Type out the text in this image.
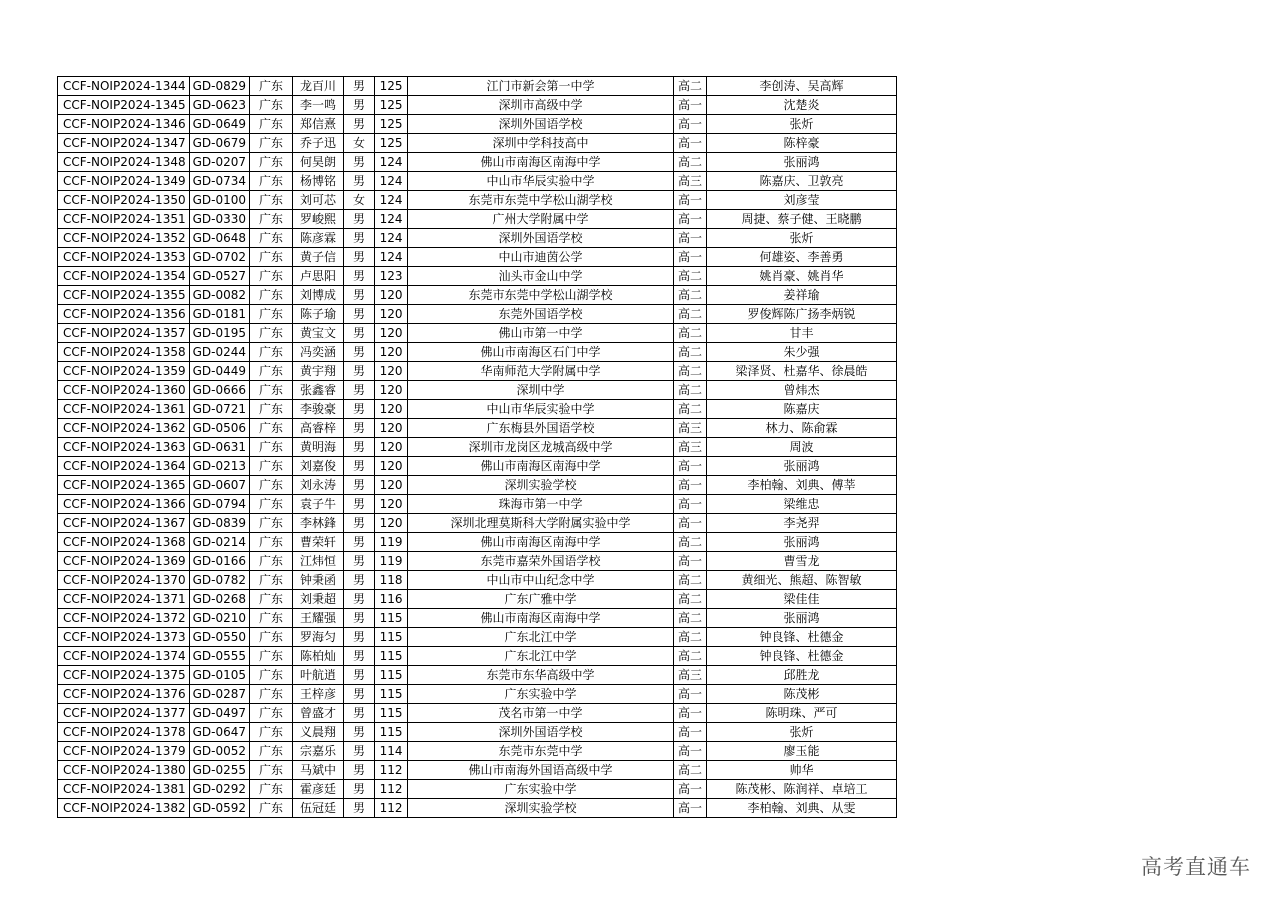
CCF-NOIP2024-1344	GD-0829	广东	龙百川	男	125	江门市新会第一中学	高二	李创涛、吴高辉
CCF-NOIP2024-1345	GD-0623	广东	李一鸣	男	125	深圳市高级中学	高一	沈楚炎
CCF-NOIP2024-1346	GD-0649	广东	郑信熹	男	125	深圳外国语学校	高一	张炘
CCF-NOIP2024-1347	GD-0679	广东	乔子迅	女	125	深圳中学科技高中	高一	陈梓豪
CCF-NOIP2024-1348	GD-0207	广东	何昊朗	男	124	佛山市南海区南海中学	高二	张丽鸿
CCF-NOIP2024-1349	GD-0734	广东	杨博铭	男	124	中山市华辰实验中学	高三	陈嘉庆、卫敦亮
CCF-NOIP2024-1350	GD-0100	广东	刘可芯	女	124	东莞市东莞中学松山湖学校	高一	刘彦莹
CCF-NOIP2024-1351	GD-0330	广东	罗峻熙	男	124	广州大学附属中学	高一	周捷、蔡子健、王晓鹏
CCF-NOIP2024-1352	GD-0648	广东	陈彦霖	男	124	深圳外国语学校	高一	张炘
CCF-NOIP2024-1353	GD-0702	广东	黄子信	男	124	中山市迪茵公学	高一	何雄姿、李善勇
CCF-NOIP2024-1354	GD-0527	广东	卢思阳	男	123	汕头市金山中学	高二	姚肖豪、姚肖华
CCF-NOIP2024-1355	GD-0082	广东	刘博成	男	120	东莞市东莞中学松山湖学校	高二	姜祥瑜
CCF-NOIP2024-1356	GD-0181	广东	陈子瑜	男	120	东莞外国语学校	高二	罗俊辉陈广扬李炳锐
CCF-NOIP2024-1357	GD-0195	广东	黄宝文	男	120	佛山市第一中学	高二	甘丰
CCF-NOIP2024-1358	GD-0244	广东	冯奕涵	男	120	佛山市南海区石门中学	高二	朱少强
CCF-NOIP2024-1359	GD-0449	广东	黄宇翔	男	120	华南师范大学附属中学	高二	梁泽贤、杜嘉华、徐晨皓
CCF-NOIP2024-1360	GD-0666	广东	张鑫睿	男	120	深圳中学	高二	曾炜杰
CCF-NOIP2024-1361	GD-0721	广东	李骏豪	男	120	中山市华辰实验中学	高二	陈嘉庆
CCF-NOIP2024-1362	GD-0506	广东	高睿梓	男	120	广东梅县外国语学校	高三	林力、陈俞霖
CCF-NOIP2024-1363	GD-0631	广东	黄明海	男	120	深圳市龙岗区龙城高级中学	高三	周波
CCF-NOIP2024-1364	GD-0213	广东	刘嘉俊	男	120	佛山市南海区南海中学	高一	张丽鸿
CCF-NOIP2024-1365	GD-0607	广东	刘永涛	男	120	深圳实验学校	高一	李柏翰、刘典、傅莘
CCF-NOIP2024-1366	GD-0794	广东	袁子牛	男	120	珠海市第一中学	高一	梁维忠
CCF-NOIP2024-1367	GD-0839	广东	李林鋒	男	120	深圳北理莫斯科大学附属实验中学	高一	李尧羿
CCF-NOIP2024-1368	GD-0214	广东	曹荣轩	男	119	佛山市南海区南海中学	高二	张丽鸿
CCF-NOIP2024-1369	GD-0166	广东	江炜恒	男	119	东莞市嘉荣外国语学校	高一	曹雪龙
CCF-NOIP2024-1370	GD-0782	广东	钟秉函	男	118	中山市中山纪念中学	高二	黄细光、熊超、陈智敏
CCF-NOIP2024-1371	GD-0268	广东	刘秉超	男	116	广东广雅中学	高二	梁佳佳
CCF-NOIP2024-1372	GD-0210	广东	王耀强	男	115	佛山市南海区南海中学	高二	张丽鸿
CCF-NOIP2024-1373	GD-0550	广东	罗海匀	男	115	广东北江中学	高二	钟良锋、杜德金
CCF-NOIP2024-1374	GD-0555	广东	陈柏灿	男	115	广东北江中学	高二	钟良锋、杜德金
CCF-NOIP2024-1375	GD-0105	广东	叶航逍	男	115	东莞市东华高级中学	高三	邱胜龙
CCF-NOIP2024-1376	GD-0287	广东	王梓彦	男	115	广东实验中学	高一	陈茂彬
CCF-NOIP2024-1377	GD-0497	广东	曾盛才	男	115	茂名市第一中学	高一	陈明珠、严可
CCF-NOIP2024-1378	GD-0647	广东	义晨翔	男	115	深圳外国语学校	高一	张炘
CCF-NOIP2024-1379	GD-0052	广东	宗嘉乐	男	114	东莞市东莞中学	高一	廖玉能
CCF-NOIP2024-1380	GD-0255	广东	马斌中	男	112	佛山市南海外国语高级中学	高二	帅华
CCF-NOIP2024-1381	GD-0292	广东	霍彦廷	男	112	广东实验中学	高一	陈茂彬、陈润祥、卓培工
CCF-NOIP2024-1382	GD-0592	广东	伍冠廷	男	112	深圳实验学校	高一	李柏翰、刘典、从雯
高考直通车
